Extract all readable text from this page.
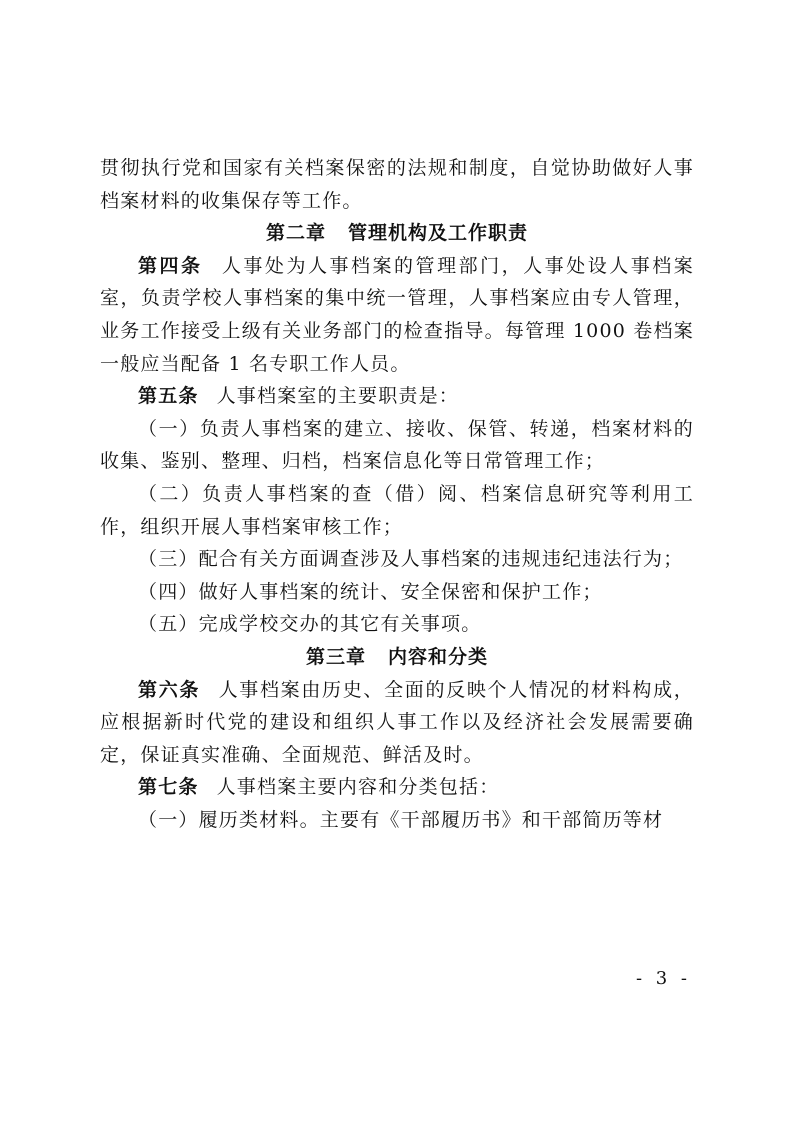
贯彻执行党和国家有关档案保密的法规和制度，自觉协助做好人事档案材料的收集保存等工作。

第二章 管理机构及工作职责

第四条 人事处为人事档案的管理部门，人事处设人事档案室，负责学校人事档案的集中统一管理，人事档案应由专人管理，业务工作接受上级有关业务部门的检查指导。每管理 1000 卷档案一般应当配备 1 名专职工作人员。

第五条 人事档案室的主要职责是：

（一）负责人事档案的建立、接收、保管、转递，档案材料的收集、鉴别、整理、归档，档案信息化等日常管理工作；

（二）负责人事档案的查（借）阅、档案信息研究等利用工作，组织开展人事档案审核工作；

（三）配合有关方面调查涉及人事档案的违规违纪违法行为；

（四）做好人事档案的统计、安全保密和保护工作；

（五）完成学校交办的其它有关事项。

第三章 内容和分类

第六条 人事档案由历史、全面的反映个人情况的材料构成，应根据新时代党的建设和组织人事工作以及经济社会发展需要确定，保证真实准确、全面规范、鲜活及时。

第七条 人事档案主要内容和分类包括：

（一）履历类材料。主要有《干部履历书》和干部简历等材

- 3 -
